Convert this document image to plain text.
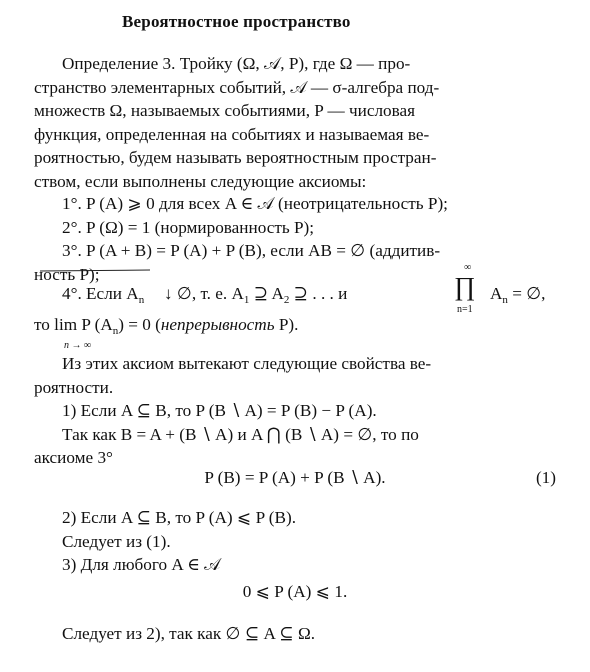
Вероятностное пространство
Определение 3. Тройку (Ω, 𝒜, P), где Ω — про-
странство элементарных событий, 𝒜 — σ-алгебра под-
множеств Ω, называемых событиями, P — числовая
функция, определенная на событиях и называемая ве-
роятностью, будем называть вероятностным простран-
ством, если выполнены следующие аксиомы:
1°. P (A) ⩾ 0 для всех A ∈ 𝒜 (неотрицательность P);
2°. P (Ω) = 1 (нормированность P);
3°. P (A + B) = P (A) + P (B), если AB = ∅ (аддитив-
ность P);
4°. Если $A_n$ ↓ ∅, т. е. $A_1$ ⊇ $A_2$ ⊇ . . . и	$A_n$ = ∅,
то lim P $(A_n) = 0$ (непрерывность P).
∏
∞
n=1
n → ∞
Из этих аксиом вытекают следующие свойства ве-
роятности.
1) Если A ⊆ B, то P (B ∖ A) = P (B) − P (A).
Так как B = A + (B ∖ A) и A ⋂ (B ∖ A) = ∅, то по
аксиоме 3°
P (B) = P (A) + P (B ∖ A).	(1)
2) Если A ⊆ B, то P (A) ⩽ P (B).
Следует из (1).
3) Для любого A ∈ 𝒜
0 ⩽ P (A) ⩽ 1.
Следует из 2), так как ∅ ⊆ A ⊆ Ω.
